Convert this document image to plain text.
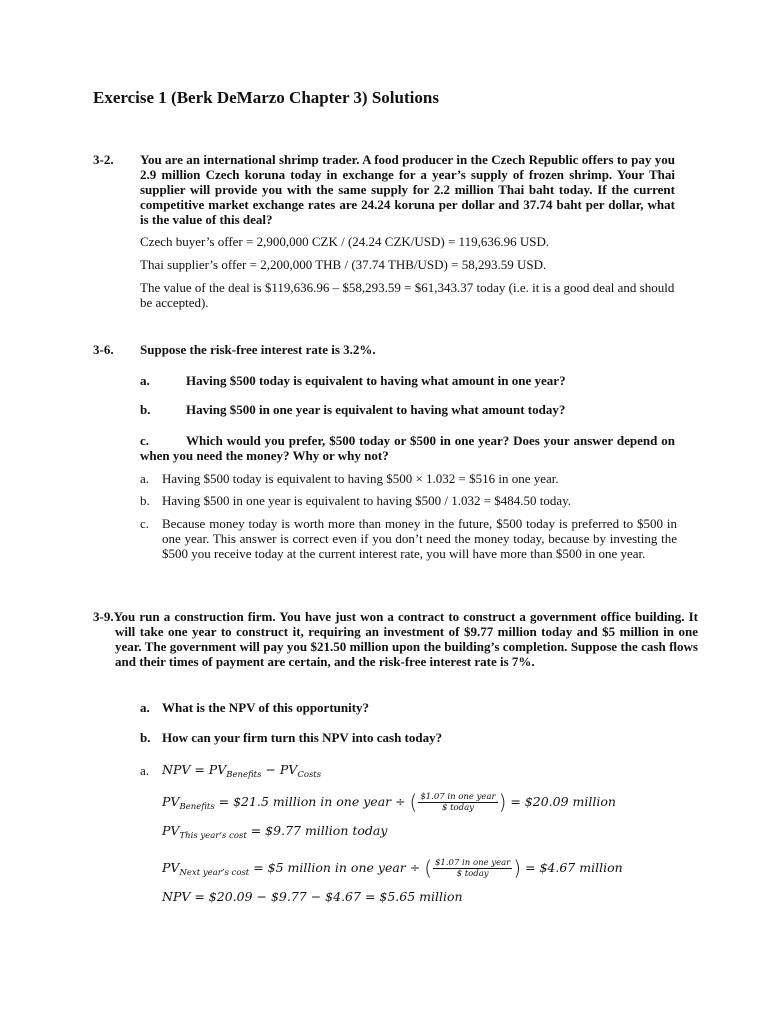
Exercise 1 (Berk DeMarzo Chapter 3) Solutions
3-2. You are an international shrimp trader. A food producer in the Czech Republic offers to pay you 2.9 million Czech koruna today in exchange for a year’s supply of frozen shrimp. Your Thai supplier will provide you with the same supply for 2.2 million Thai baht today. If the current competitive market exchange rates are 24.24 koruna per dollar and 37.74 baht per dollar, what is the value of this deal?
Czech buyer’s offer = 2,900,000 CZK / (24.24 CZK/USD) = 119,636.96 USD.
Thai supplier’s offer = 2,200,000 THB / (37.74 THB/USD) = 58,293.59 USD.
The value of the deal is $119,636.96 – $58,293.59 = $61,343.37 today (i.e. it is a good deal and should be accepted).
3-6. Suppose the risk-free interest rate is 3.2%.
a.	Having $500 today is equivalent to having what amount in one year?
b.	Having $500 in one year is equivalent to having what amount today?
c.	Which would you prefer, $500 today or $500 in one year? Does your answer depend on when you need the money? Why or why not?
a. Having $500 today is equivalent to having $500 × 1.032 = $516 in one year.
b. Having $500 in one year is equivalent to having $500 / 1.032 = $484.50 today.
c. Because money today is worth more than money in the future, $500 today is preferred to $500 in one year. This answer is correct even if you don’t need the money today, because by investing the $500 you receive today at the current interest rate, you will have more than $500 in one year.
3-9.You run a construction firm. You have just won a contract to construct a government office building. It will take one year to construct it, requiring an investment of $9.77 million today and $5 million in one year. The government will pay you $21.50 million upon the building’s completion. Suppose the cash flows and their times of payment are certain, and the risk-free interest rate is 7%.
a. What is the NPV of this opportunity?
b. How can your firm turn this NPV into cash today?
a. NPV = $PV_{Benefits} - PV_{Costs}$
$PV_{Benefits}$ = $21.5 million in one year ÷ ( $\frac{\text{\$1.07 in one year}}{\text{\$ today}}$ ) = $20.09 million
$PV_{This year’s cost}$ = $9.77 million today
$PV_{Next year’s cost}$ = $5 million in one year ÷ ( $\frac{\text{\$1.07 in one year}}{\text{\$ today}}$ ) = $4.67 million
NPV = $20.09 − $9.77 − $4.67 = $5.65 million
